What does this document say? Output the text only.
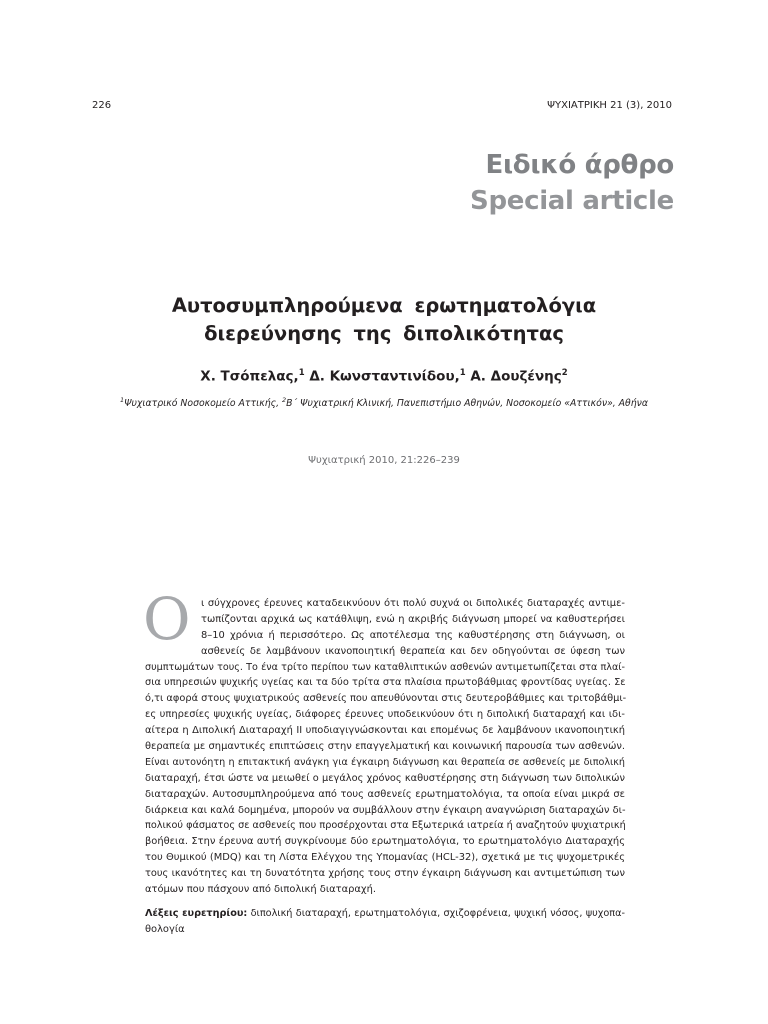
226	ΨΥΧΙΑΤΡΙΚΗ 21 (3), 2010
Ειδικό άρθρο
Special article
Αυτοσυμπληρούμενα ερωτηματολόγια
διερεύνησης της διπολικότητας
Χ. Τσόπελας,$^1$ Δ. Κωνσταντινίδου,$^1$ Α. Δουζένης$^2$
$^1$Ψυχιατρικό Νοσοκομείο Αττικής, $^2$Β΄ Ψυχιατρική Κλινική, Πανεπιστήμιο Αθηνών, Νοσοκομείο «Αττικόν», Αθήνα
Ψυχιατρική 2010, 21:226–239
Ο	ι σύγχρονες έρευνες καταδεικνύουν ότι πολύ συχνά οι διπολικές διαταραχές αντιμε-
τωπίζονται αρχικά ως κατάθλιψη, ενώ η ακριβής διάγνωση μπορεί να καθυστερήσει
8–10 χρόνια ή περισσότερο. Ως αποτέλεσμα της καθυστέρησης στη διάγνωση, οι
ασθενείς δε λαμβάνουν ικανοποιητική θεραπεία και δεν οδηγούνται σε ύφεση των
συμπτωμάτων τους. Το ένα τρίτο περίπου των καταθλιπτικών ασθενών αντιμετωπίζεται στα πλαί-
σια υπηρεσιών ψυχικής υγείας και τα δύο τρίτα στα πλαίσια πρωτοβάθμιας φροντίδας υγείας. Σε
ό,τι αφορά στους ψυχιατρικούς ασθενείς που απευθύνονται στις δευτεροβάθμιες και τριτοβάθμι-
ες υπηρεσίες ψυχικής υγείας, διάφορες έρευνες υποδεικνύουν ότι η διπολική διαταραχή και ιδι-
αίτερα η Διπολική Διαταραχή ΙΙ υποδιαγιγνώσκονται και επομένως δε λαμβάνουν ικανοποιητική
θεραπεία με σημαντικές επιπτώσεις στην επαγγελματική και κοινωνική παρουσία των ασθενών.
Είναι αυτονόητη η επιτακτική ανάγκη για έγκαιρη διάγνωση και θεραπεία σε ασθενείς με διπολική
διαταραχή, έτσι ώστε να μειωθεί ο μεγάλος χρόνος καθυστέρησης στη διάγνωση των διπολικών
διαταραχών. Αυτοσυμπληρούμενα από τους ασθενείς ερωτηματολόγια, τα οποία είναι μικρά σε
διάρκεια και καλά δομημένα, μπορούν να συμβάλλουν στην έγκαιρη αναγνώριση διαταραχών δι-
πολικού φάσματος σε ασθενείς που προσέρχονται στα Εξωτερικά ιατρεία ή αναζητούν ψυχιατρική
βοήθεια. Στην έρευνα αυτή συγκρίνουμε δύο ερωτηματολόγια, το ερωτηματολόγιο Διαταραχής
του Θυμικού (MDQ) και τη Λίστα Ελέγχου της Υπομανίας (HCL-32), σχετικά με τις ψυχομετρικές
τους ικανότητες και τη δυνατότητα χρήσης τους στην έγκαιρη διάγνωση και αντιμετώπιση των
ατόμων που πάσχουν από διπολική διαταραχή.
Λέξεις ευρετηρίου: διπολική διαταραχή, ερωτηματολόγια, σχιζοφρένεια, ψυχική νόσος, ψυχοπα-
θολογία
